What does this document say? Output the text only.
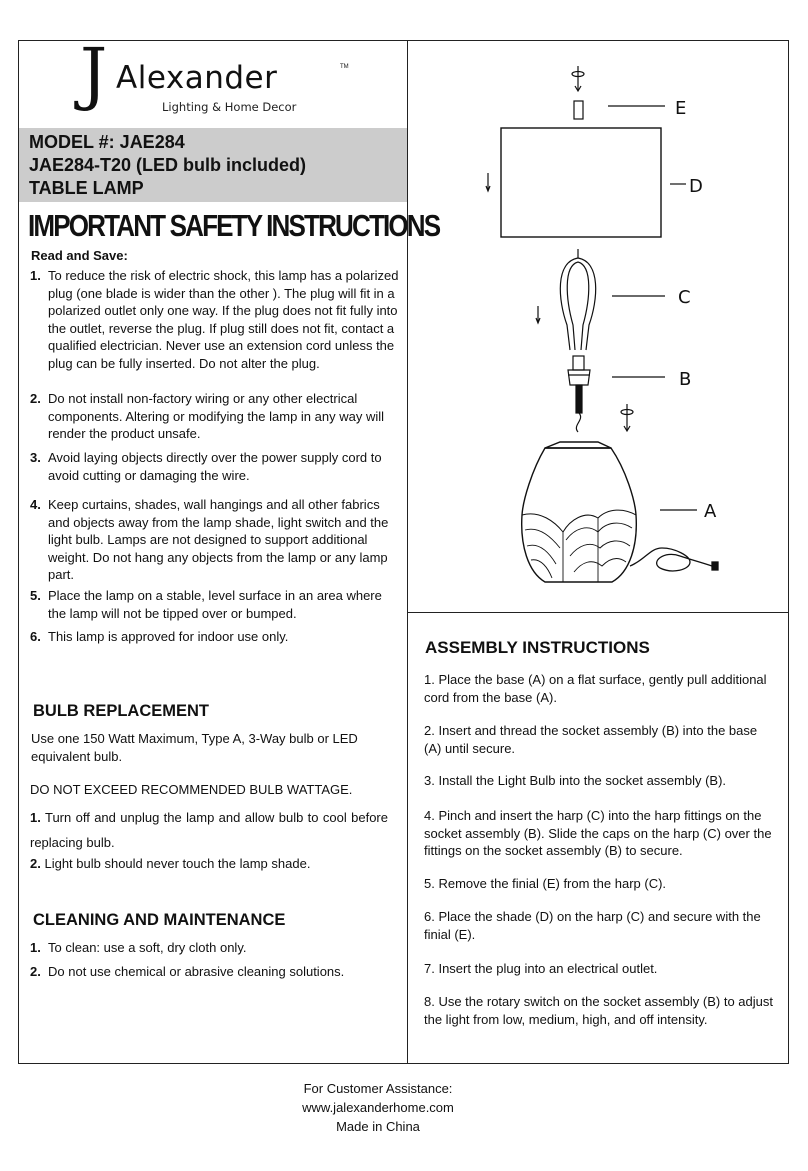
J Alexander	TM
Lighting & Home Decor
MODEL #: JAE284
JAE284-T20 (LED bulb included)
TABLE LAMP
IMPORTANT SAFETY INSTRUCTIONS
Read and Save:
1. To reduce the risk of electric shock, this lamp has a polarized plug (one blade is wider than the other ). The plug will fit in a polarized outlet only one way. If the plug does not fit fully into the outlet, reverse the plug. If plug still does not fit, contact a qualified electrician. Never use an extension cord unless the plug can be fully inserted. Do not alter the plug.
2. Do not install non-factory wiring or any other electrical components. Altering or modifying the lamp in any way will render the product unsafe.
3. Avoid laying objects directly over the power supply cord to avoid cutting or damaging the wire.
4. Keep curtains, shades, wall hangings and all other fabrics and objects away from the lamp shade, light switch and the light bulb. Lamps are not designed to support additional weight. Do not hang any objects from the lamp or any lamp part.
5. Place the lamp on a stable, level surface in an area where the lamp will not be tipped over or bumped.
6. This lamp is approved for indoor use only.
BULB REPLACEMENT
Use one 150 Watt Maximum, Type A, 3-Way bulb or LED equivalent bulb.
DO NOT EXCEED RECOMMENDED BULB WATTAGE.
1. Turn off and unplug the lamp and allow bulb to cool before replacing bulb.
2. Light bulb should never touch the lamp shade.
CLEANING AND MAINTENANCE
1. To clean: use a soft, dry cloth only.
2. Do not use chemical or abrasive cleaning solutions.
E
D
C
B
A
ASSEMBLY INSTRUCTIONS
1. Place the base (A) on a flat surface, gently pull additional cord from the base (A).
2. Insert and thread the socket assembly (B) into the base (A) until secure.
3. Install the Light Bulb into the socket assembly (B).
4. Pinch and insert the harp (C) into the harp fittings on the socket assembly (B). Slide the caps on the harp (C) over the fittings on the socket assembly (B) to secure.
5. Remove the finial (E) from the harp (C).
6. Place the shade (D) on the harp (C) and secure with the finial (E).
7. Insert the plug into an electrical outlet.
8. Use the rotary switch on the socket assembly (B) to adjust the light from low, medium, high, and off intensity.
For Customer Assistance:
www.jalexanderhome.com
Made in China
